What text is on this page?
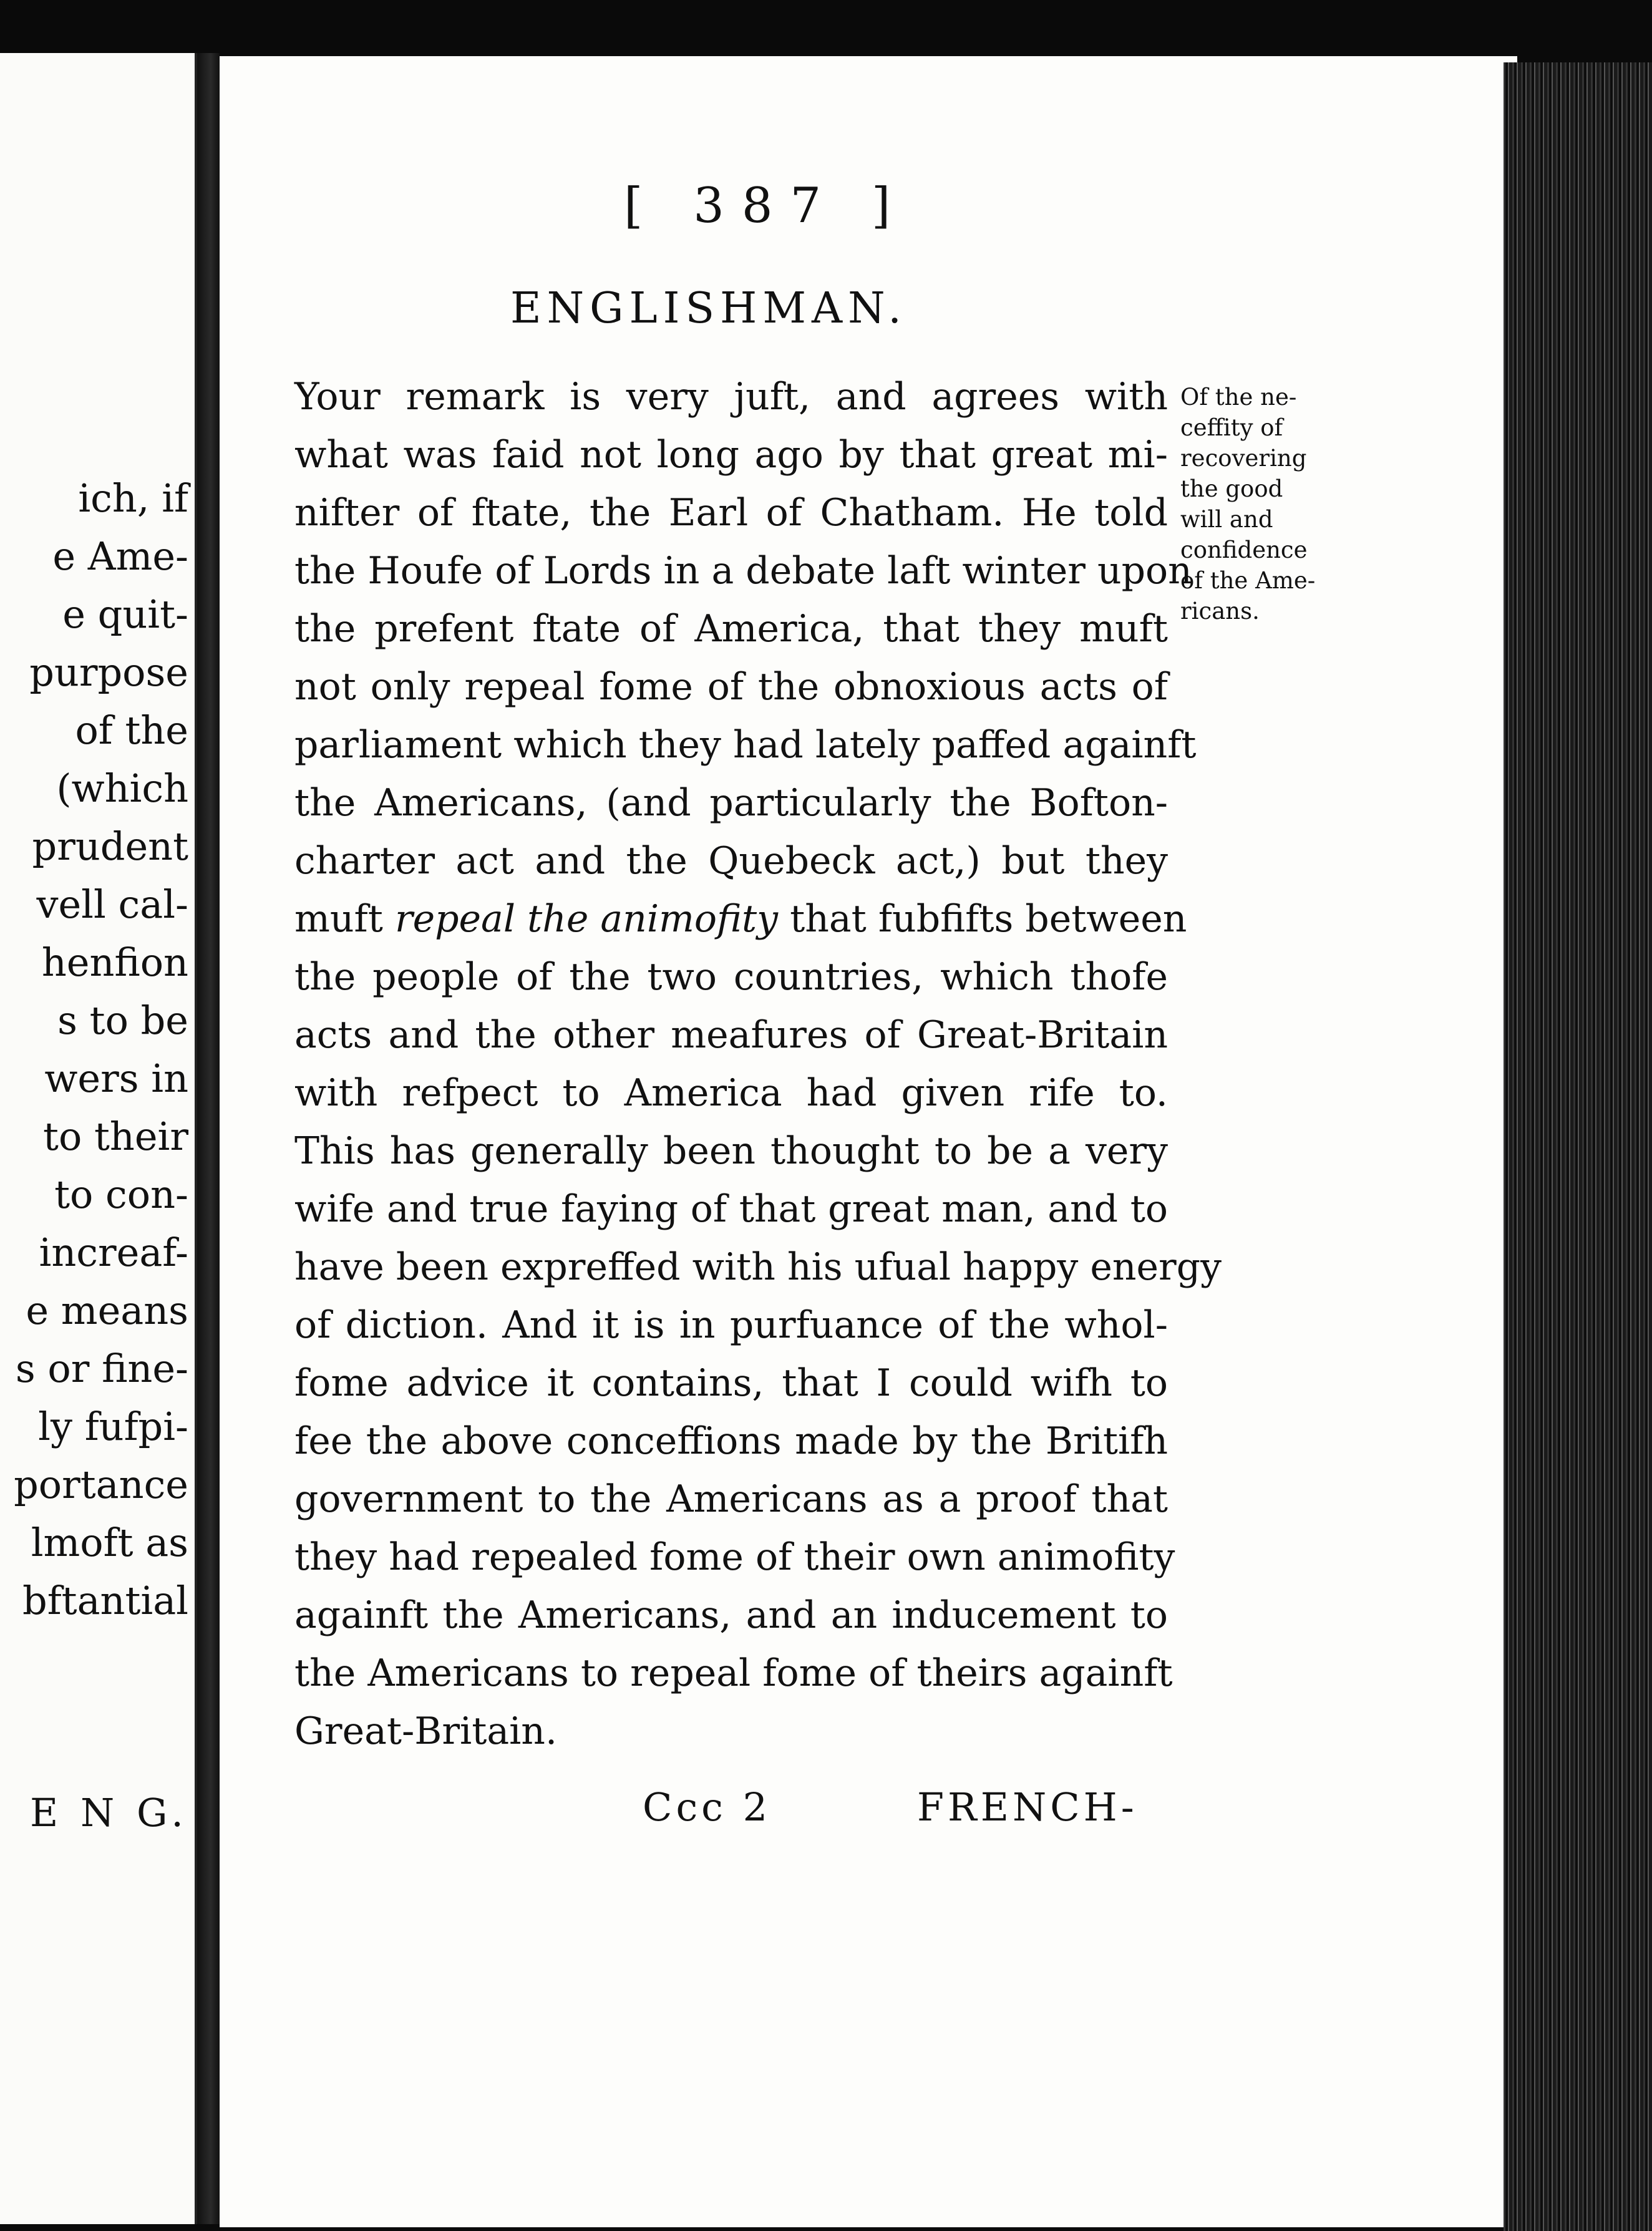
ich, if
e Ame-
e quit-
purpose
of the
(which
prudent
vell cal-
henfion
s to be
wers in
to their
to con-
increaf-
e means
s or fine-
ly fufpi-
portance
lmoft as
bftantial
E N G.
[ 387 ]
ENGLISHMAN.
Your remark is very juft, and agrees with
what was faid not long ago by that great mi-
nifter of ftate, the Earl of Chatham. He told
the Houfe of Lords in a debate laft winter upon
the prefent ftate of America, that they muft
not only repeal fome of the obnoxious acts of
parliament which they had lately paffed againft
the Americans, (and particularly the Bofton-
charter act and the Quebeck act,) but they
muft repeal the animofity that fubfifts between
the people of the two countries, which thofe
acts and the other meafures of Great-Britain
with refpect to America had given rife to.
This has generally been thought to be a very
wife and true faying of that great man, and to
have been expreffed with his ufual happy energy
of diction. And it is in purfuance of the whol-
fome advice it contains, that I could wifh to
fee the above conceffions made by the Britifh
government to the Americans as a proof that
they had repealed fome of their own animofity
againft the Americans, and an inducement to
the Americans to repeal fome of theirs againft
Great-Britain.
Of the ne-
ceffity of
recovering
the good
will and
confidence
of the Ame-
ricans.
Ccc 2	FRENCH-
